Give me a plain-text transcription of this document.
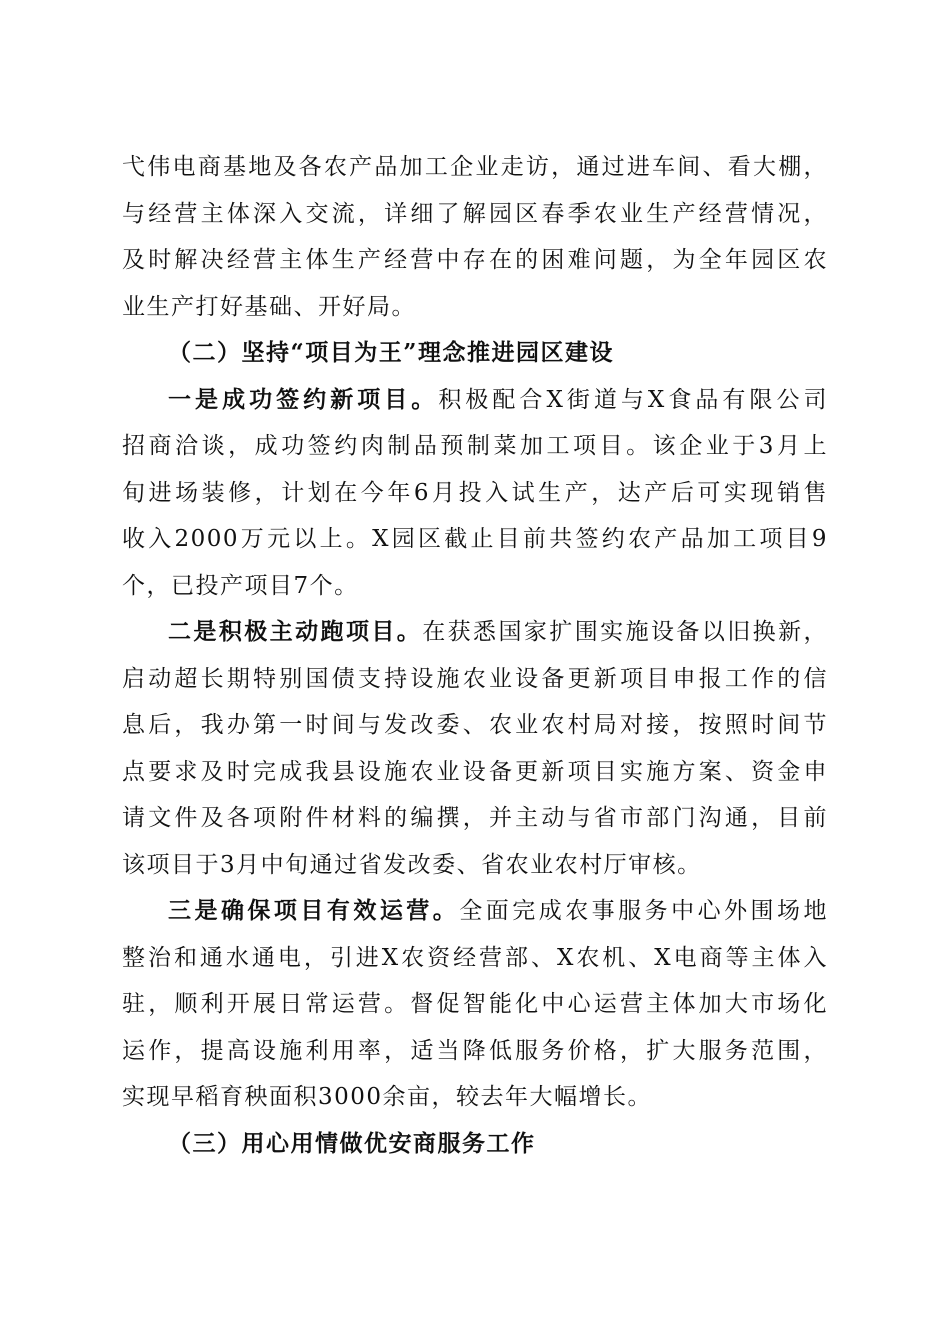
弋伟电商基地及各农产品加工企业走访，通过进车间、看大棚，
与经营主体深入交流，详细了解园区春季农业生产经营情况，
及时解决经营主体生产经营中存在的困难问题，为全年园区农
业生产打好基础、开好局。
（二）坚持“项目为王”理念推进园区建设
一是成功签约新项目。积极配合X街道与X食品有限公司
招商洽谈，成功签约肉制品预制菜加工项目。该企业于3月上
旬进场装修，计划在今年6月投入试生产，达产后可实现销售
收入2000万元以上。X园区截止目前共签约农产品加工项目9
个，已投产项目7个。
二是积极主动跑项目。在获悉国家扩围实施设备以旧换新，
启动超长期特别国债支持设施农业设备更新项目申报工作的信
息后，我办第一时间与发改委、农业农村局对接，按照时间节
点要求及时完成我县设施农业设备更新项目实施方案、资金申
请文件及各项附件材料的编撰，并主动与省市部门沟通，目前
该项目于3月中旬通过省发改委、省农业农村厅审核。
三是确保项目有效运营。全面完成农事服务中心外围场地
整治和通水通电，引进X农资经营部、X农机、X电商等主体入
驻，顺利开展日常运营。督促智能化中心运营主体加大市场化
运作，提高设施利用率，适当降低服务价格，扩大服务范围，
实现早稻育秧面积3000余亩，较去年大幅增长。
（三）用心用情做优安商服务工作
